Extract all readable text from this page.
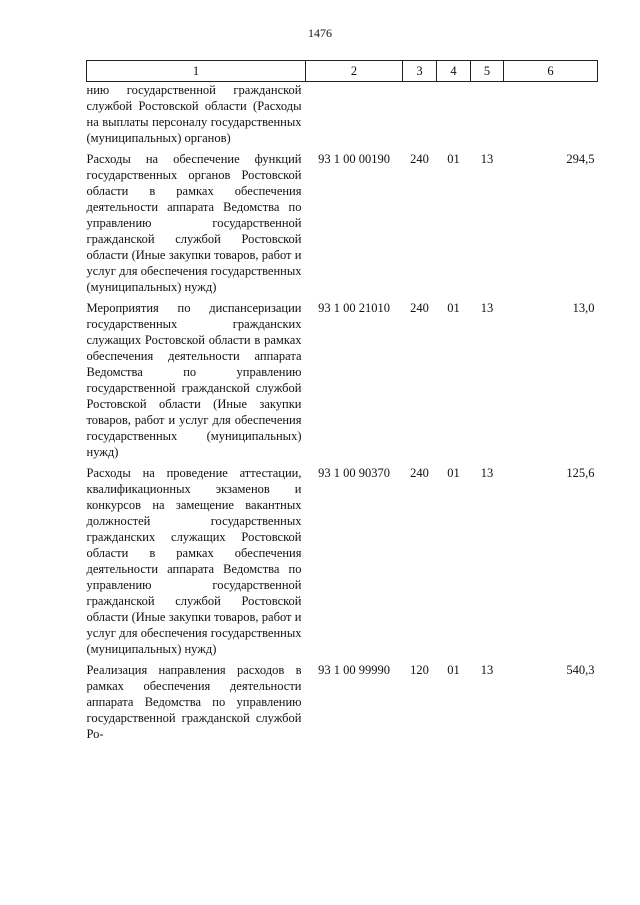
1476
1	2	3	4	5	6
нию государственной гражданской службой Ростовской области (Расходы на выплаты персоналу государственных (муниципальных) органов)					
Расходы на обеспечение функций государственных органов Ростовской области в рамках обеспечения деятельности аппарата Ведомства по управлению государственной гражданской службой Ростовской области (Иные закупки товаров, работ и услуг для обеспечения государственных (муниципальных) нужд)	93 1 00 00190	240	01	13	294,5
Мероприятия по диспансеризации государственных гражданских служащих Ростовской области в рамках обеспечения деятельности аппарата Ведомства по управлению государственной гражданской службой Ростовской области (Иные закупки товаров, работ и услуг для обеспечения государственных (муниципальных) нужд)	93 1 00 21010	240	01	13	13,0
Расходы на проведение аттестации, квалификационных экзаменов и конкурсов на замещение вакантных должностей государственных гражданских служащих Ростовской области в рамках обеспечения деятельности аппарата Ведомства по управлению государственной гражданской службой Ростовской области (Иные закупки товаров, работ и услуг для обеспечения государственных (муниципальных) нужд)	93 1 00 90370	240	01	13	125,6
Реализация направления расходов в рамках обеспечения деятельности аппарата Ведомства по управлению государственной гражданской службой Ро-	93 1 00 99990	120	01	13	540,3
